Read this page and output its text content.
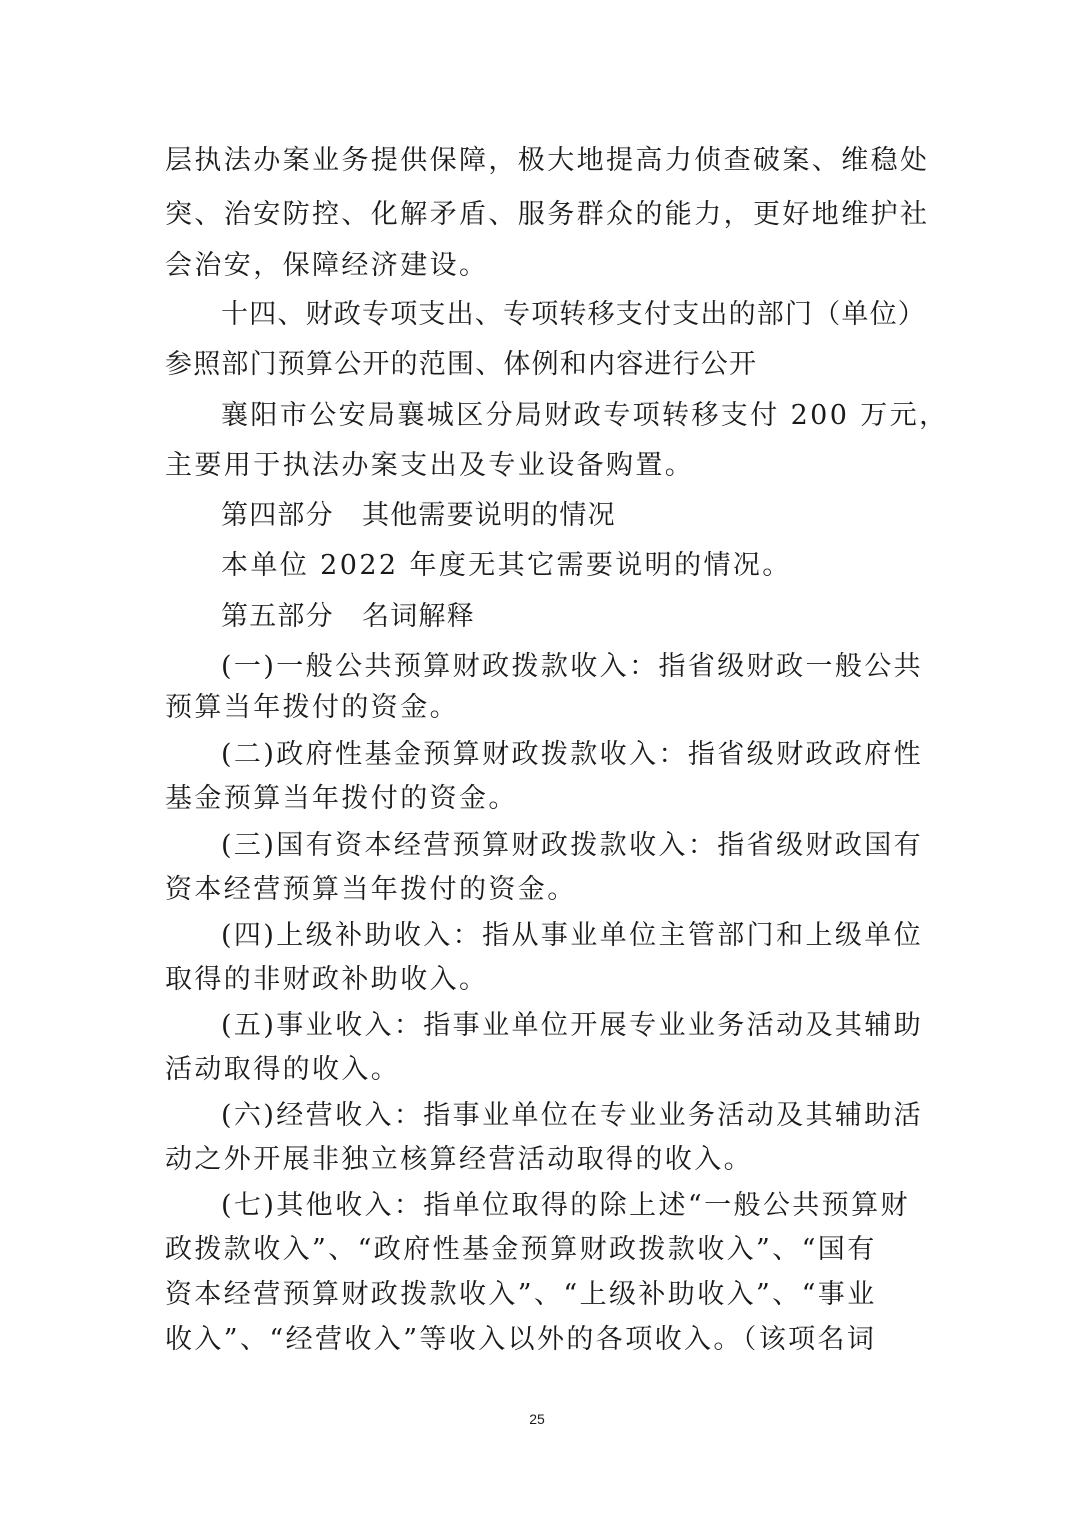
层执法办案业务提供保障，极大地提高力侦查破案、维稳处
突、治安防控、化解矛盾、服务群众的能力，更好地维护社
会治安，保障经济建设。
十四、财政专项支出、专项转移支付支出的部门（单位）
参照部门预算公开的范围、体例和内容进行公开
襄阳市公安局襄城区分局财政专项转移支付 200 万元，
主要用于执法办案支出及专业设备购置。
第四部分　其他需要说明的情况
本单位 2022 年度无其它需要说明的情况。
第五部分　名词解释
(一)一般公共预算财政拨款收入：指省级财政一般公共
预算当年拨付的资金。
(二)政府性基金预算财政拨款收入：指省级财政政府性
基金预算当年拨付的资金。
(三)国有资本经营预算财政拨款收入：指省级财政国有
资本经营预算当年拨付的资金。
(四)上级补助收入：指从事业单位主管部门和上级单位
取得的非财政补助收入。
(五)事业收入：指事业单位开展专业业务活动及其辅助
活动取得的收入。
(六)经营收入：指事业单位在专业业务活动及其辅助活
动之外开展非独立核算经营活动取得的收入。
(七)其他收入：指单位取得的除上述“一般公共预算财
政拨款收入”、“政府性基金预算财政拨款收入”、“国有
资本经营预算财政拨款收入”、“上级补助收入”、“事业
收入”、“经营收入”等收入以外的各项收入。（该项名词
25
